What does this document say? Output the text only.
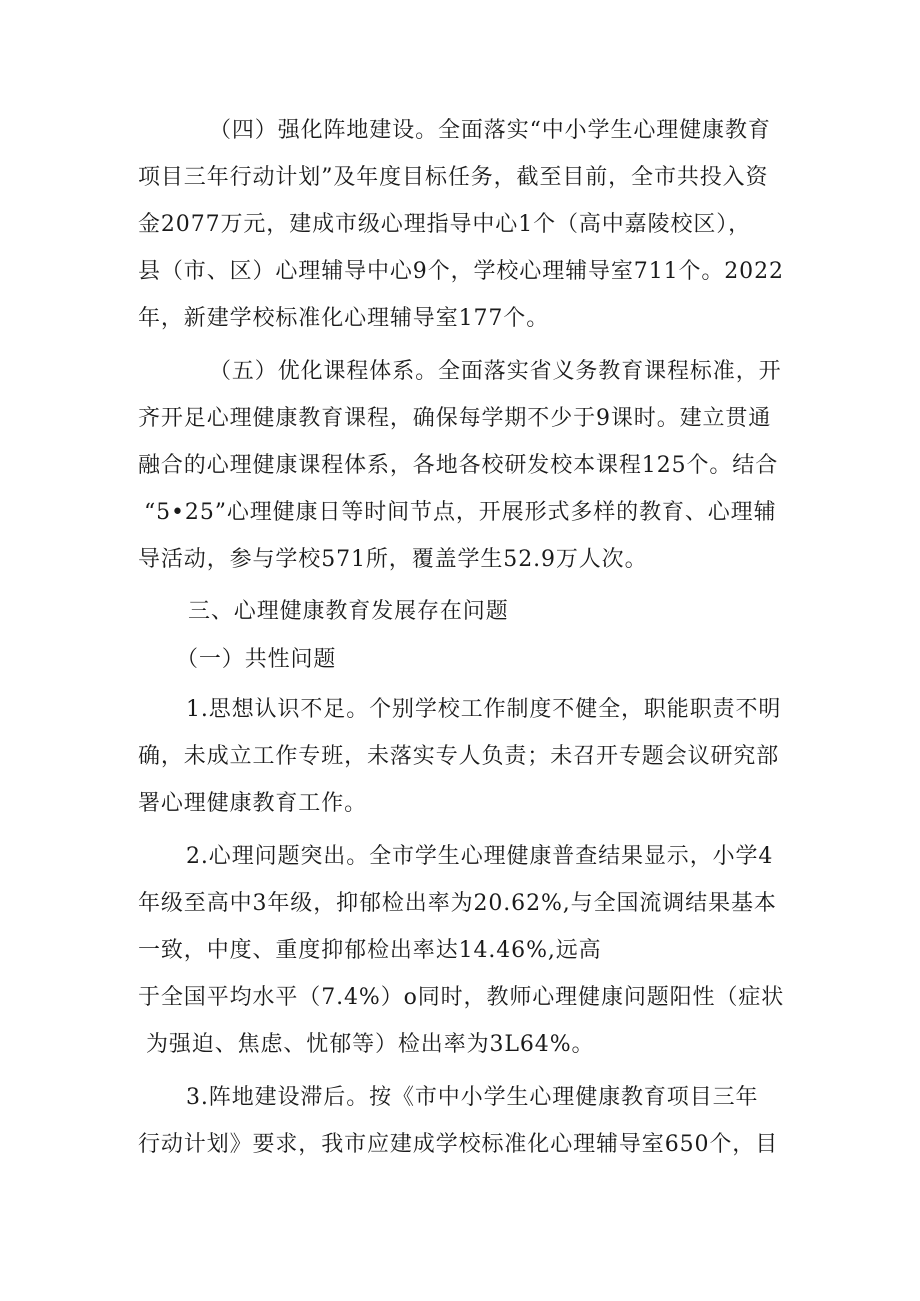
（四）强化阵地建设。全面落实“中小学生心理健康教育

项目三年行动计划”及年度目标任务，截至目前，全市共投入资

金2077万元，建成市级心理指导中心1个（高中嘉陵校区），

县（市、区）心理辅导中心9个，学校心理辅导室711个。2022

年，新建学校标准化心理辅导室177个。

（五）优化课程体系。全面落实省义务教育课程标准，开

齐开足心理健康教育课程，确保每学期不少于9课时。建立贯通

融合的心理健康课程体系，各地各校研发校本课程125个。结合

“5•25”心理健康日等时间节点，开展形式多样的教育、心理辅

导活动，参与学校571所，覆盖学生52.9万人次。

三、心理健康教育发展存在问题

（一）共性问题

1.思想认识不足。个别学校工作制度不健全，职能职责不明

确，未成立工作专班，未落实专人负责；未召开专题会议研究部

署心理健康教育工作。

2.心理问题突出。全市学生心理健康普查结果显示，小学4

年级至高中3年级，抑郁检出率为20.62%,与全国流调结果基本

一致，中度、重度抑郁检出率达14.46%,远高

于全国平均水平（7.4%）o同时，教师心理健康问题阳性（症状

为强迫、焦虑、忧郁等）检出率为3L64%。

3.阵地建设滞后。按《市中小学生心理健康教育项目三年

行动计划》要求，我市应建成学校标准化心理辅导室650个，目
